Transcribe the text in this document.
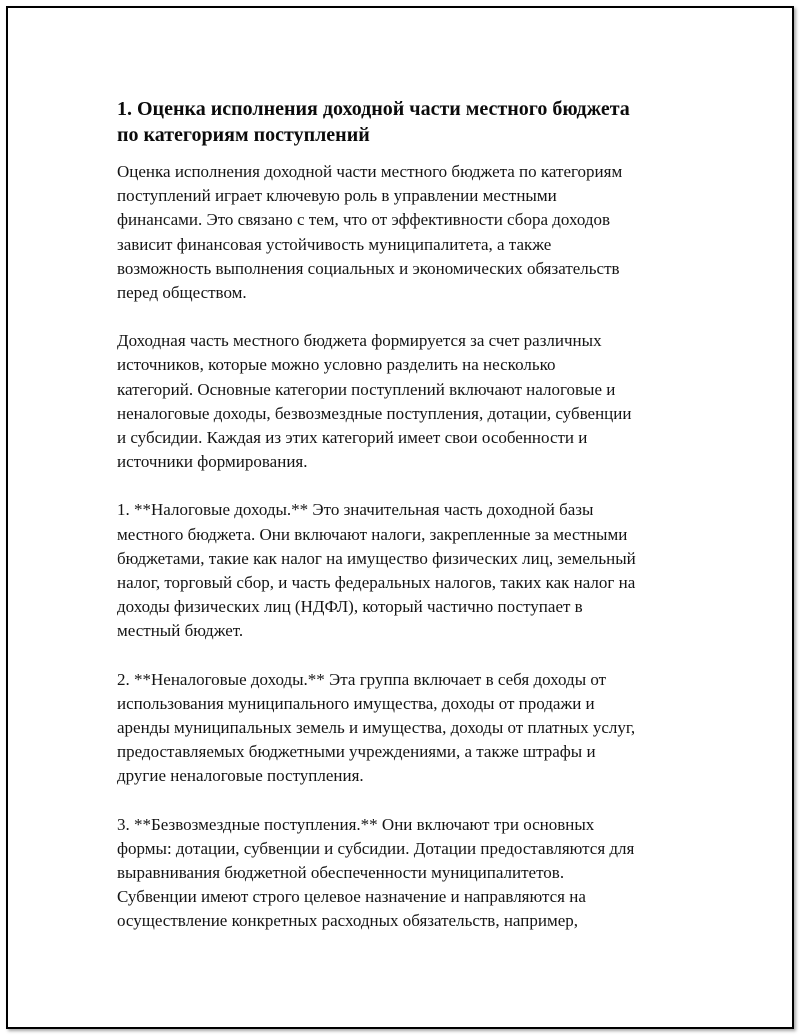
1. Оценка исполнения доходной части местного бюджета
по категориям поступлений

Оценка исполнения доходной части местного бюджета по категориям
поступлений играет ключевую роль в управлении местными
финансами. Это связано с тем, что от эффективности сбора доходов
зависит финансовая устойчивость муниципалитета, а также
возможность выполнения социальных и экономических обязательств
перед обществом.

Доходная часть местного бюджета формируется за счет различных
источников, которые можно условно разделить на несколько
категорий. Основные категории поступлений включают налоговые и
неналоговые доходы, безвозмездные поступления, дотации, субвенции
и субсидии. Каждая из этих категорий имеет свои особенности и
источники формирования.

1. **Налоговые доходы.** Это значительная часть доходной базы
местного бюджета. Они включают налоги, закрепленные за местными
бюджетами, такие как налог на имущество физических лиц, земельный
налог, торговый сбор, и часть федеральных налогов, таких как налог на
доходы физических лиц (НДФЛ), который частично поступает в
местный бюджет.

2. **Неналоговые доходы.** Эта группа включает в себя доходы от
использования муниципального имущества, доходы от продажи и
аренды муниципальных земель и имущества, доходы от платных услуг,
предоставляемых бюджетными учреждениями, а также штрафы и
другие неналоговые поступления.

3. **Безвозмездные поступления.** Они включают три основных
формы: дотации, субвенции и субсидии. Дотации предоставляются для
выравнивания бюджетной обеспеченности муниципалитетов.
Субвенции имеют строго целевое назначение и направляются на
осуществление конкретных расходных обязательств, например,
